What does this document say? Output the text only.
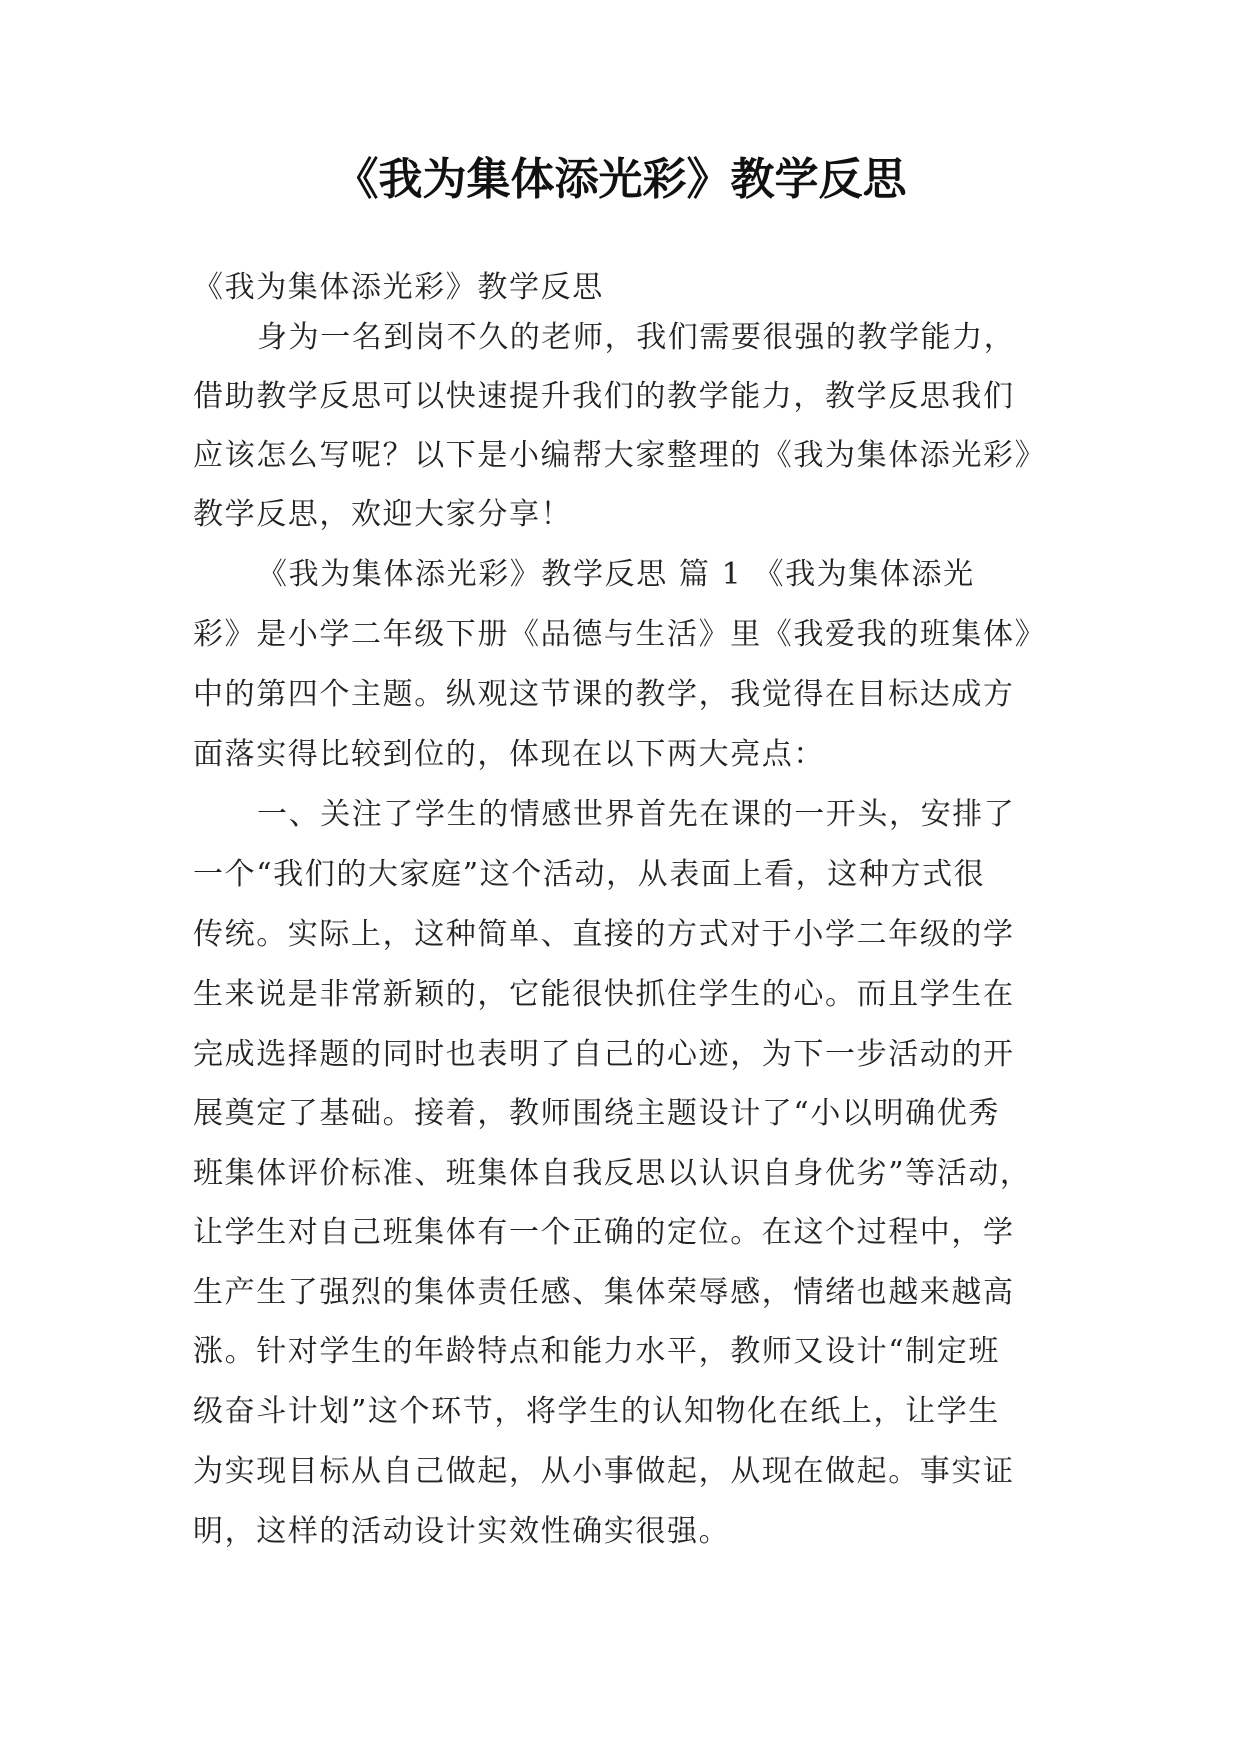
《我为集体添光彩》教学反思

《我为集体添光彩》教学反思

身为一名到岗不久的老师，我们需要很强的教学能力，

借助教学反思可以快速提升我们的教学能力，教学反思我们

应该怎么写呢？以下是小编帮大家整理的《我为集体添光彩》

教学反思，欢迎大家分享！

《我为集体添光彩》教学反思 篇 1 《我为集体添光

彩》是小学二年级下册《品德与生活》里《我爱我的班集体》

中的第四个主题。纵观这节课的教学，我觉得在目标达成方

面落实得比较到位的，体现在以下两大亮点：

一、关注了学生的情感世界首先在课的一开头，安排了

一个“我们的大家庭”这个活动，从表面上看，这种方式很

传统。实际上，这种简单、直接的方式对于小学二年级的学

生来说是非常新颖的，它能很快抓住学生的心。而且学生在

完成选择题的同时也表明了自己的心迹，为下一步活动的开

展奠定了基础。接着，教师围绕主题设计了“小以明确优秀

班集体评价标准、班集体自我反思以认识自身优劣”等活动，

让学生对自己班集体有一个正确的定位。在这个过程中，学

生产生了强烈的集体责任感、集体荣辱感，情绪也越来越高

涨。针对学生的年龄特点和能力水平，教师又设计“制定班

级奋斗计划”这个环节，将学生的认知物化在纸上，让学生

为实现目标从自己做起，从小事做起，从现在做起。事实证

明，这样的活动设计实效性确实很强。
